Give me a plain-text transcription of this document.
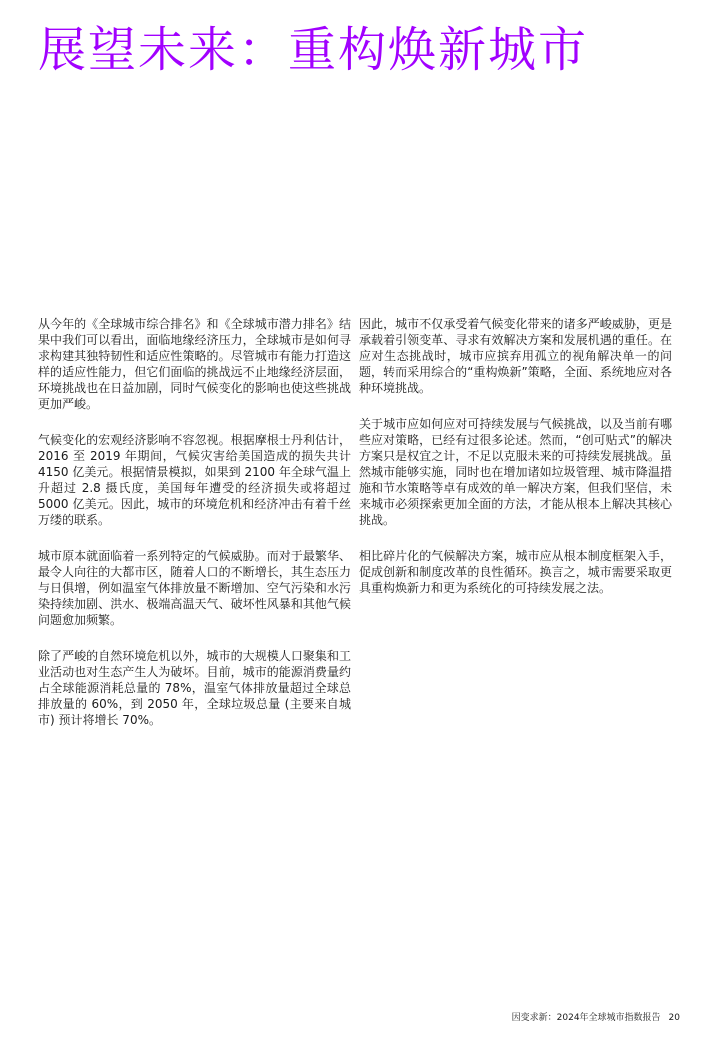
展望未来：重构焕新城市

从今年的《全球城市综合排名》和《全球城市潜力排名》结果中我们可以看出，面临地缘经济压力，全球城市是如何寻求构建其独特韧性和适应性策略的。尽管城市有能力打造这样的适应性能力，但它们面临的挑战远不止地缘经济层面，环境挑战也在日益加剧，同时气候变化的影响也使这些挑战更加严峻。

气候变化的宏观经济影响不容忽视。根据摩根士丹利估计，2016 至 2019 年期间，气候灾害给美国造成的损失共计 4150 亿美元。根据情景模拟，如果到 2100 年全球气温上升超过 2.8 摄氏度，美国每年遭受的经济损失或将超过 5000 亿美元。因此，城市的环境危机和经济冲击有着千丝万缕的联系。

城市原本就面临着一系列特定的气候威胁。而对于最繁华、最令人向往的大都市区，随着人口的不断增长，其生态压力与日俱增，例如温室气体排放量不断增加、空气污染和水污染持续加剧、洪水、极端高温天气、破坏性风暴和其他气候问题愈加频繁。

除了严峻的自然环境危机以外，城市的大规模人口聚集和工业活动也对生态产生人为破坏。目前，城市的能源消费量约占全球能源消耗总量的 78%，温室气体排放量超过全球总排放量的 60%，到 2050 年，全球垃圾总量 (主要来自城市) 预计将增长 70%。

因此，城市不仅承受着气候变化带来的诸多严峻威胁，更是承载着引领变革、寻求有效解决方案和发展机遇的重任。在应对生态挑战时，城市应摈弃用孤立的视角解决单一的问题，转而采用综合的“重构焕新”策略，全面、系统地应对各种环境挑战。

关于城市应如何应对可持续发展与气候挑战，以及当前有哪些应对策略，已经有过很多论述。然而，“创可贴式”的解决方案只是权宜之计，不足以克服未来的可持续发展挑战。虽然城市能够实施，同时也在增加诸如垃圾管理、城市降温措施和节水策略等卓有成效的单一解决方案，但我们坚信，未来城市必须探索更加全面的方法，才能从根本上解决其核心挑战。

相比碎片化的气候解决方案，城市应从根本制度框架入手，促成创新和制度改革的良性循环。换言之，城市需要采取更具重构焕新力和更为系统化的可持续发展之法。

因变求新：2024年全球城市指数报告 20
